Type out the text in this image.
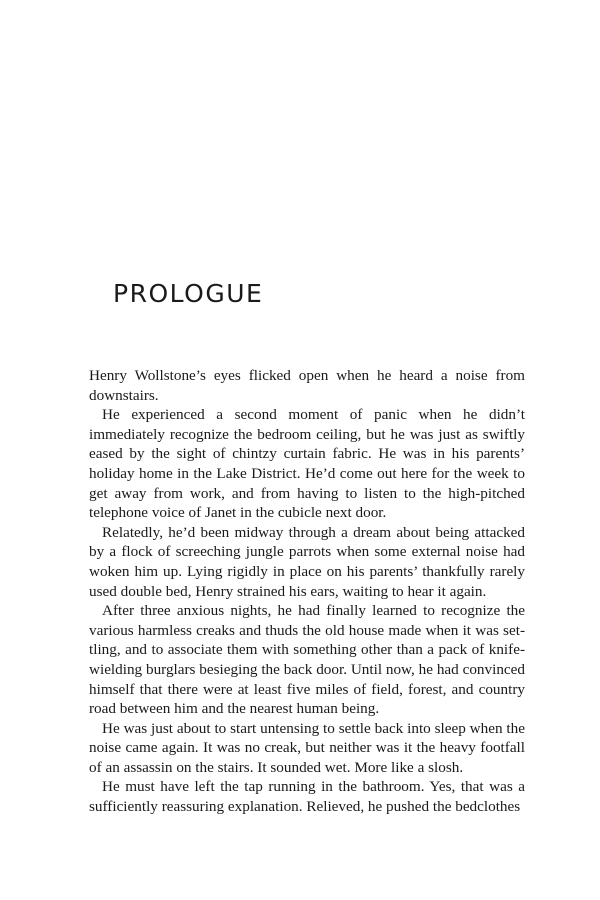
PROLOGUE

Henry Wollstone’s eyes flicked open when he heard a noise from downstairs.

He experienced a second moment of panic when he didn’t immediately recognize the bedroom ceiling, but he was just as swiftly eased by the sight of chintzy curtain fabric. He was in his parents’ holiday home in the Lake District. He’d come out here for the week to get away from work, and from having to listen to the high-pitched telephone voice of Janet in the cubicle next door.

Relatedly, he’d been midway through a dream about being attacked by a flock of screeching jungle parrots when some external noise had woken him up. Lying rigidly in place on his parents’ thankfully rarely used double bed, Henry strained his ears, waiting to hear it again.

After three anxious nights, he had finally learned to recognize the various harmless creaks and thuds the old house made when it was settling, and to associate them with something other than a pack of knife-wielding burglars besieging the back door. Until now, he had convinced himself that there were at least five miles of field, forest, and country road between him and the nearest human being.

He was just about to start untensing to settle back into sleep when the noise came again. It was no creak, but neither was it the heavy footfall of an assassin on the stairs. It sounded wet. More like a slosh.

He must have left the tap running in the bathroom. Yes, that was a sufficiently reassuring explanation. Relieved, he pushed the bedclothes
